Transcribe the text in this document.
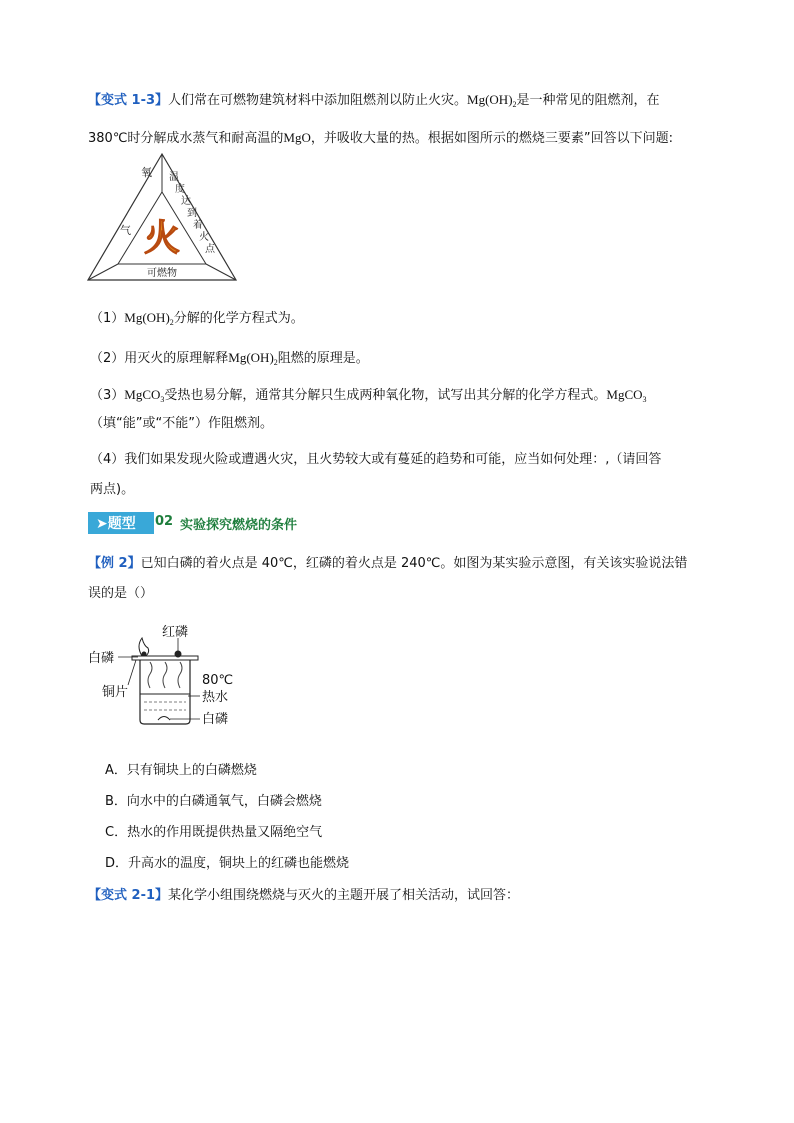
【变式 1-3】人们常在可燃物建筑材料中添加阻燃剂以防止火灾。$Mg(OH)_2$是一种常见的阻燃剂，在
380℃时分解成水蒸气和耐高温的MgO，并吸收大量的热。根据如图所示的燃烧三要素”回答以下问题:
氧
气
温
度
达
到
着
火
点
火
可燃物
$(1)Mg(OH)_2$分解的化学方程式为。
（2）用灭火的原理解释$Mg(OH)_2$阻燃的原理是。
（3）MgCO$_3$受热也易分解，通常其分解只生成两种氧化物，试写出其分解的化学方程式。MgCO$_3$
（填“能”或“不能”）作阻燃剂。
（4）我们如果发现火险或遭遇火灾，且火势较大或有蔓延的趋势和可能，应当如何处理：,（请回答
两点)。
➤题型	02 实验探究燃烧的条件
【例 2】已知白磷的着火点是 40℃，红磷的着火点是 240℃。如图为某实验示意图，有关该实验说法错
误的是（）
红磷
白磷
铜片
80℃
热水
白磷
A．只有铜块上的白磷燃烧
B．向水中的白磷通氧气，白磷会燃烧
C．热水的作用既提供热量又隔绝空气
D．升高水的温度，铜块上的红磷也能燃烧
【变式 2-1】某化学小组围绕燃烧与灭火的主题开展了相关活动，试回答：
